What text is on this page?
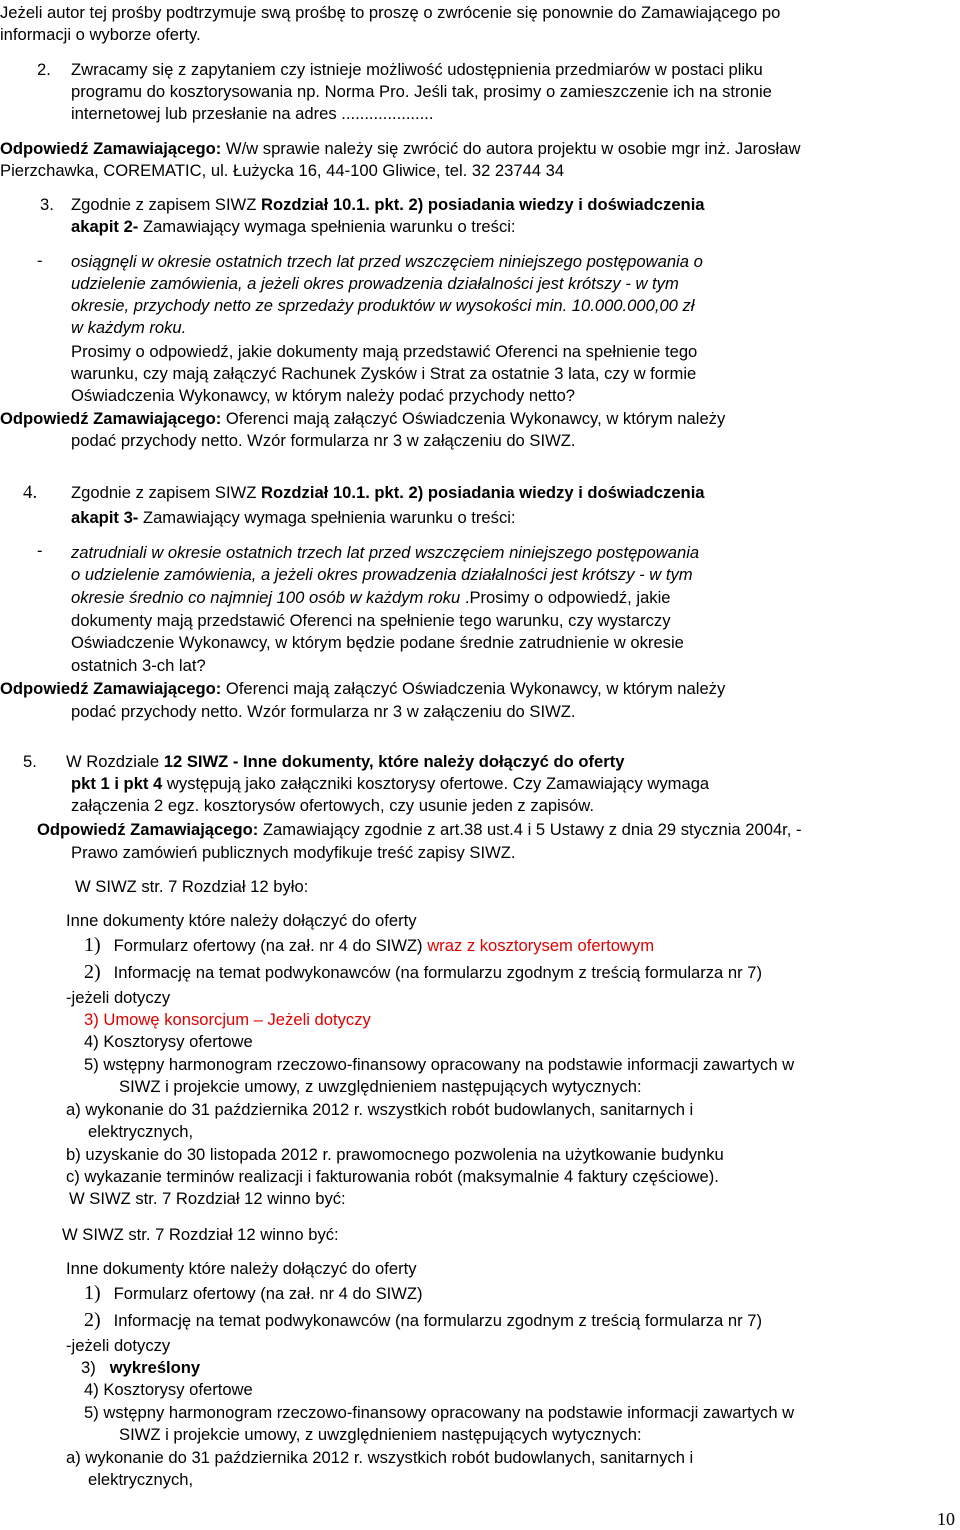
Jeżeli autor tej prośby podtrzymuje swą prośbę to proszę o zwrócenie się ponownie do Zamawiającego po
informacji o wyborze oferty.
2. Zwracamy się z zapytaniem czy istnieje możliwość udostępnienia przedmiarów w postaci pliku
programu do kosztorysowania np. Norma Pro. Jeśli tak, prosimy o zamieszczenie ich na stronie
internetowej lub przesłanie na adres ....................
Odpowiedź Zamawiającego: W/w sprawie należy się zwrócić do autora projektu w osobie mgr inż. Jarosław
Pierzchawka, COREMATIC, ul. Łużycka 16, 44-100 Gliwice, tel. 32 23744 34
3. Zgodnie z zapisem SIWZ Rozdział 10.1. pkt. 2) posiadania wiedzy i doświadczenia
akapit 2- Zamawiający wymaga spełnienia warunku o treści:
- osiągnęli w okresie ostatnich trzech lat przed wszczęciem niniejszego postępowania o
udzielenie zamówienia, a jeżeli okres prowadzenia działalności jest krótszy - w tym
okresie, przychody netto ze sprzedaży produktów w wysokości min. 10.000.000,00 zł
w każdym roku.
Prosimy o odpowiedź, jakie dokumenty mają przedstawić Oferenci na spełnienie tego
warunku, czy mają załączyć Rachunek Zysków i Strat za ostatnie 3 lata, czy w formie
Oświadczenia Wykonawcy, w którym należy podać przychody netto?
Odpowiedź Zamawiającego: Oferenci mają załączyć Oświadczenia Wykonawcy, w którym należy
podać przychody netto. Wzór formularza nr 3 w załączeniu do SIWZ.
4. Zgodnie z zapisem SIWZ Rozdział 10.1. pkt. 2) posiadania wiedzy i doświadczenia
akapit 3- Zamawiający wymaga spełnienia warunku o treści:
- zatrudniali w okresie ostatnich trzech lat przed wszczęciem niniejszego postępowania
o udzielenie zamówienia, a jeżeli okres prowadzenia działalności jest krótszy - w tym
okresie średnio co najmniej 100 osób w każdym roku .Prosimy o odpowiedź, jakie
dokumenty mają przedstawić Oferenci na spełnienie tego warunku, czy wystarczy
Oświadczenie Wykonawcy, w którym będzie podane średnie zatrudnienie w okresie
ostatnich 3-ch lat?
Odpowiedź Zamawiającego: Oferenci mają załączyć Oświadczenia Wykonawcy, w którym należy
podać przychody netto. Wzór formularza nr 3 w załączeniu do SIWZ.
5. W Rozdziale 12 SIWZ - Inne dokumenty, które należy dołączyć do oferty
pkt 1 i pkt 4 występują jako załączniki kosztorysy ofertowe. Czy Zamawiający wymaga
załączenia 2 egz. kosztorysów ofertowych, czy usunie jeden z zapisów.
Odpowiedź Zamawiającego: Zamawiający zgodnie z art.38 ust.4 i 5 Ustawy z dnia 29 stycznia 2004r, -
Prawo zamówień publicznych modyfikuje treść zapisy SIWZ.
W SIWZ str. 7 Rozdział 12 było:
Inne dokumenty które należy dołączyć do oferty
1) Formularz ofertowy (na zał. nr 4 do SIWZ) wraz z kosztorysem ofertowym
2) Informację na temat podwykonawców (na formularzu zgodnym z treścią formularza nr 7)
-jeżeli dotyczy
3) Umowę konsorcjum – Jeżeli dotyczy
4) Kosztorysy ofertowe
5) wstępny harmonogram rzeczowo-finansowy opracowany na podstawie informacji zawartych w
SIWZ i projekcie umowy, z uwzględnieniem następujących wytycznych:
a) wykonanie do 31 października 2012 r. wszystkich robót budowlanych, sanitarnych i
elektrycznych,
b) uzyskanie do 30 listopada 2012 r. prawomocnego pozwolenia na użytkowanie budynku
c) wykazanie terminów realizacji i fakturowania robót (maksymalnie 4 faktury częściowe).
W SIWZ str. 7 Rozdział 12 winno być:
W SIWZ str. 7 Rozdział 12 winno być:
Inne dokumenty które należy dołączyć do oferty
1) Formularz ofertowy (na zał. nr 4 do SIWZ)
2) Informację na temat podwykonawców (na formularzu zgodnym z treścią formularza nr 7)
-jeżeli dotyczy
3) wykreślony
4) Kosztorysy ofertowe
5) wstępny harmonogram rzeczowo-finansowy opracowany na podstawie informacji zawartych w
SIWZ i projekcie umowy, z uwzględnieniem następujących wytycznych:
a) wykonanie do 31 października 2012 r. wszystkich robót budowlanych, sanitarnych i
elektrycznych,
10
